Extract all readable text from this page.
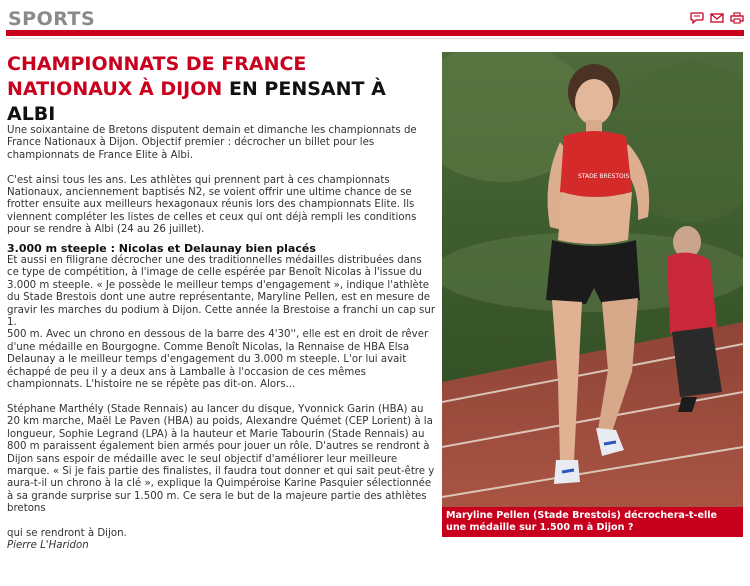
SPORTS
CHAMPIONNATS DE FRANCE NATIONAUX À DIJON EN PENSANT À ALBI

Une soixantaine de Bretons disputent demain et dimanche les championnats de France Nationaux à Dijon. Objectif premier : décrocher un billet pour les championnats de France Elite à Albi.

C'est ainsi tous les ans. Les athlètes qui prennent part à ces championnats Nationaux, anciennement baptisés N2, se voient offrir une ultime chance de se frotter ensuite aux meilleurs hexagonaux réunis lors des championnats Elite. Ils viennent compléter les listes de celles et ceux qui ont déjà rempli les conditions pour se rendre à Albi (24 au 26 juillet).

3.000 m steeple : Nicolas et Delaunay bien placés

Et aussi en filigrane décrocher une des traditionnelles médailles distribuées dans ce type de compétition, à l'image de celle espérée par Benoît Nicolas à l'issue du 3.000 m steeple. « Je possède le meilleur temps d'engagement », indique l'athlète du Stade Brestois dont une autre représentante, Maryline Pellen, est en mesure de gravir les marches du podium à Dijon. Cette année la Brestoise a franchi un cap sur 1.

500 m. Avec un chrono en dessous de la barre des 4'30'', elle est en droit de rêver d'une médaille en Bourgogne. Comme Benoît Nicolas, la Rennaise de HBA Elsa Delaunay a le meilleur temps d'engagement du 3.000 m steeple. L'or lui avait échappé de peu il y a deux ans à Lamballe à l'occasion de ces mêmes championnats. L'histoire ne se répète pas dit-on. Alors...

Stéphane Marthély (Stade Rennais) au lancer du disque, Yvonnick Garin (HBA) au 20 km marche, Maël Le Paven (HBA) au poids, Alexandre Quémet (CEP Lorient) à la longueur, Sophie Legrand (LPA) à la hauteur et Marie Tabourin (Stade Rennais) au 800 m paraissent également bien armés pour jouer un rôle. D'autres se rendront à Dijon sans espoir de médaille avec le seul objectif d'améliorer leur meilleure marque. « Si je fais partie des finalistes, il faudra tout donner et qui sait peut-être y aura-t-il un chrono à la clé », explique la Quimpéroise Karine Pasquier sélectionnée à sa grande surprise sur 1.500 m. Ce sera le but de la majeure partie des athlètes bretons

qui se rendront à Dijon.

Pierre L'Haridon

STADE BRESTOIS
Maryline Pellen (Stade Brestois) décrochera-t-elle une médaille sur 1.500 m à Dijon ?
